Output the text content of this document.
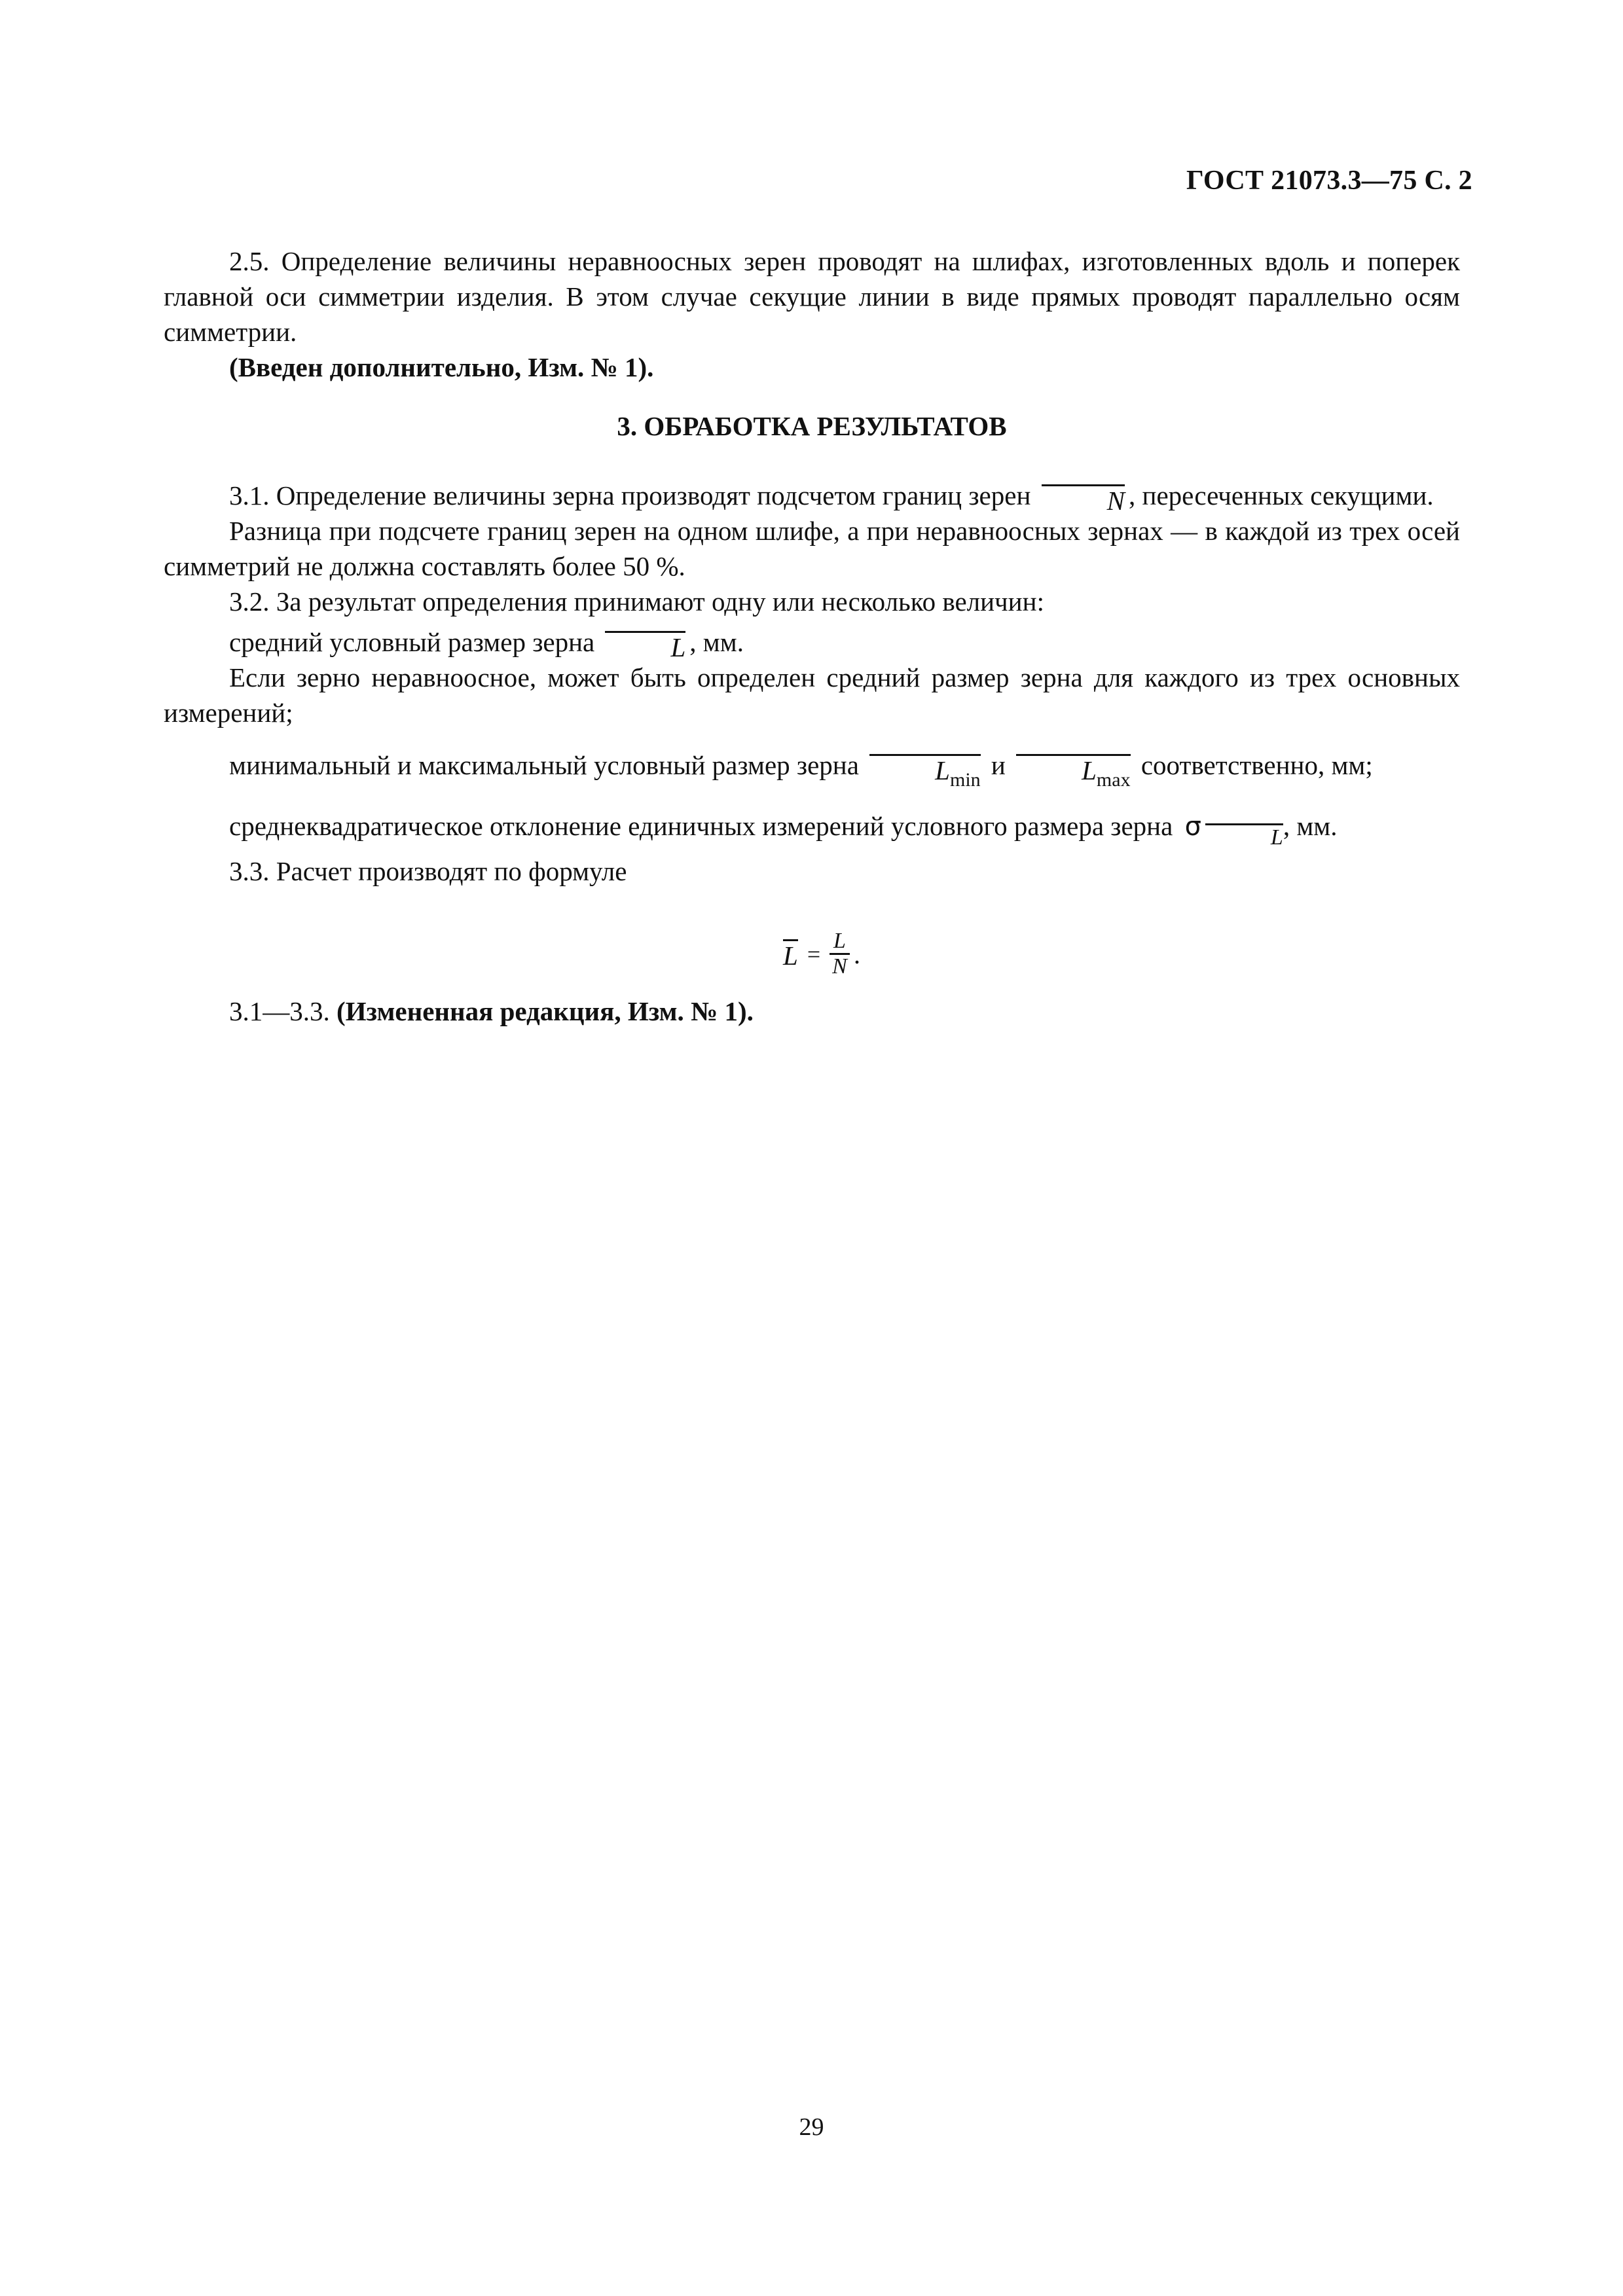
ГОСТ 21073.3—75 С. 2

2.5. Определение величины неравноосных зерен проводят на шлифах, изготовленных вдоль и поперек главной оси симметрии изделия. В этом случае секущие линии в виде прямых проводят параллельно осям симметрии.

(Введен дополнительно, Изм. № 1).

3. ОБРАБОТКА РЕЗУЛЬТАТОВ

3.1. Определение величины зерна производят подсчетом границ зерен	N , пересеченных секущими.

Разница при подсчете границ зерен на одном шлифе, а при неравноосных зернах — в каждой из трех осей симметрий не должна составлять более 50 %.

3.2. За результат определения принимают одну или несколько величин:

средний условный размер зерна	L , мм.

Если зерно неравноосное, может быть определен средний размер зерна для каждого из трех основных измерений;

минимальный и максимальный условный размер зерна	$L_{min}$ и	$L_{max}$ соответственно, мм;

среднеквадратическое отклонение единичных измерений условного размера зерна σ	L, мм.

3.3. Расчет производят по формуле

$L = \frac{L}{N}$ .

3.1—3.3. (Измененная редакция, Изм. № 1).

29
